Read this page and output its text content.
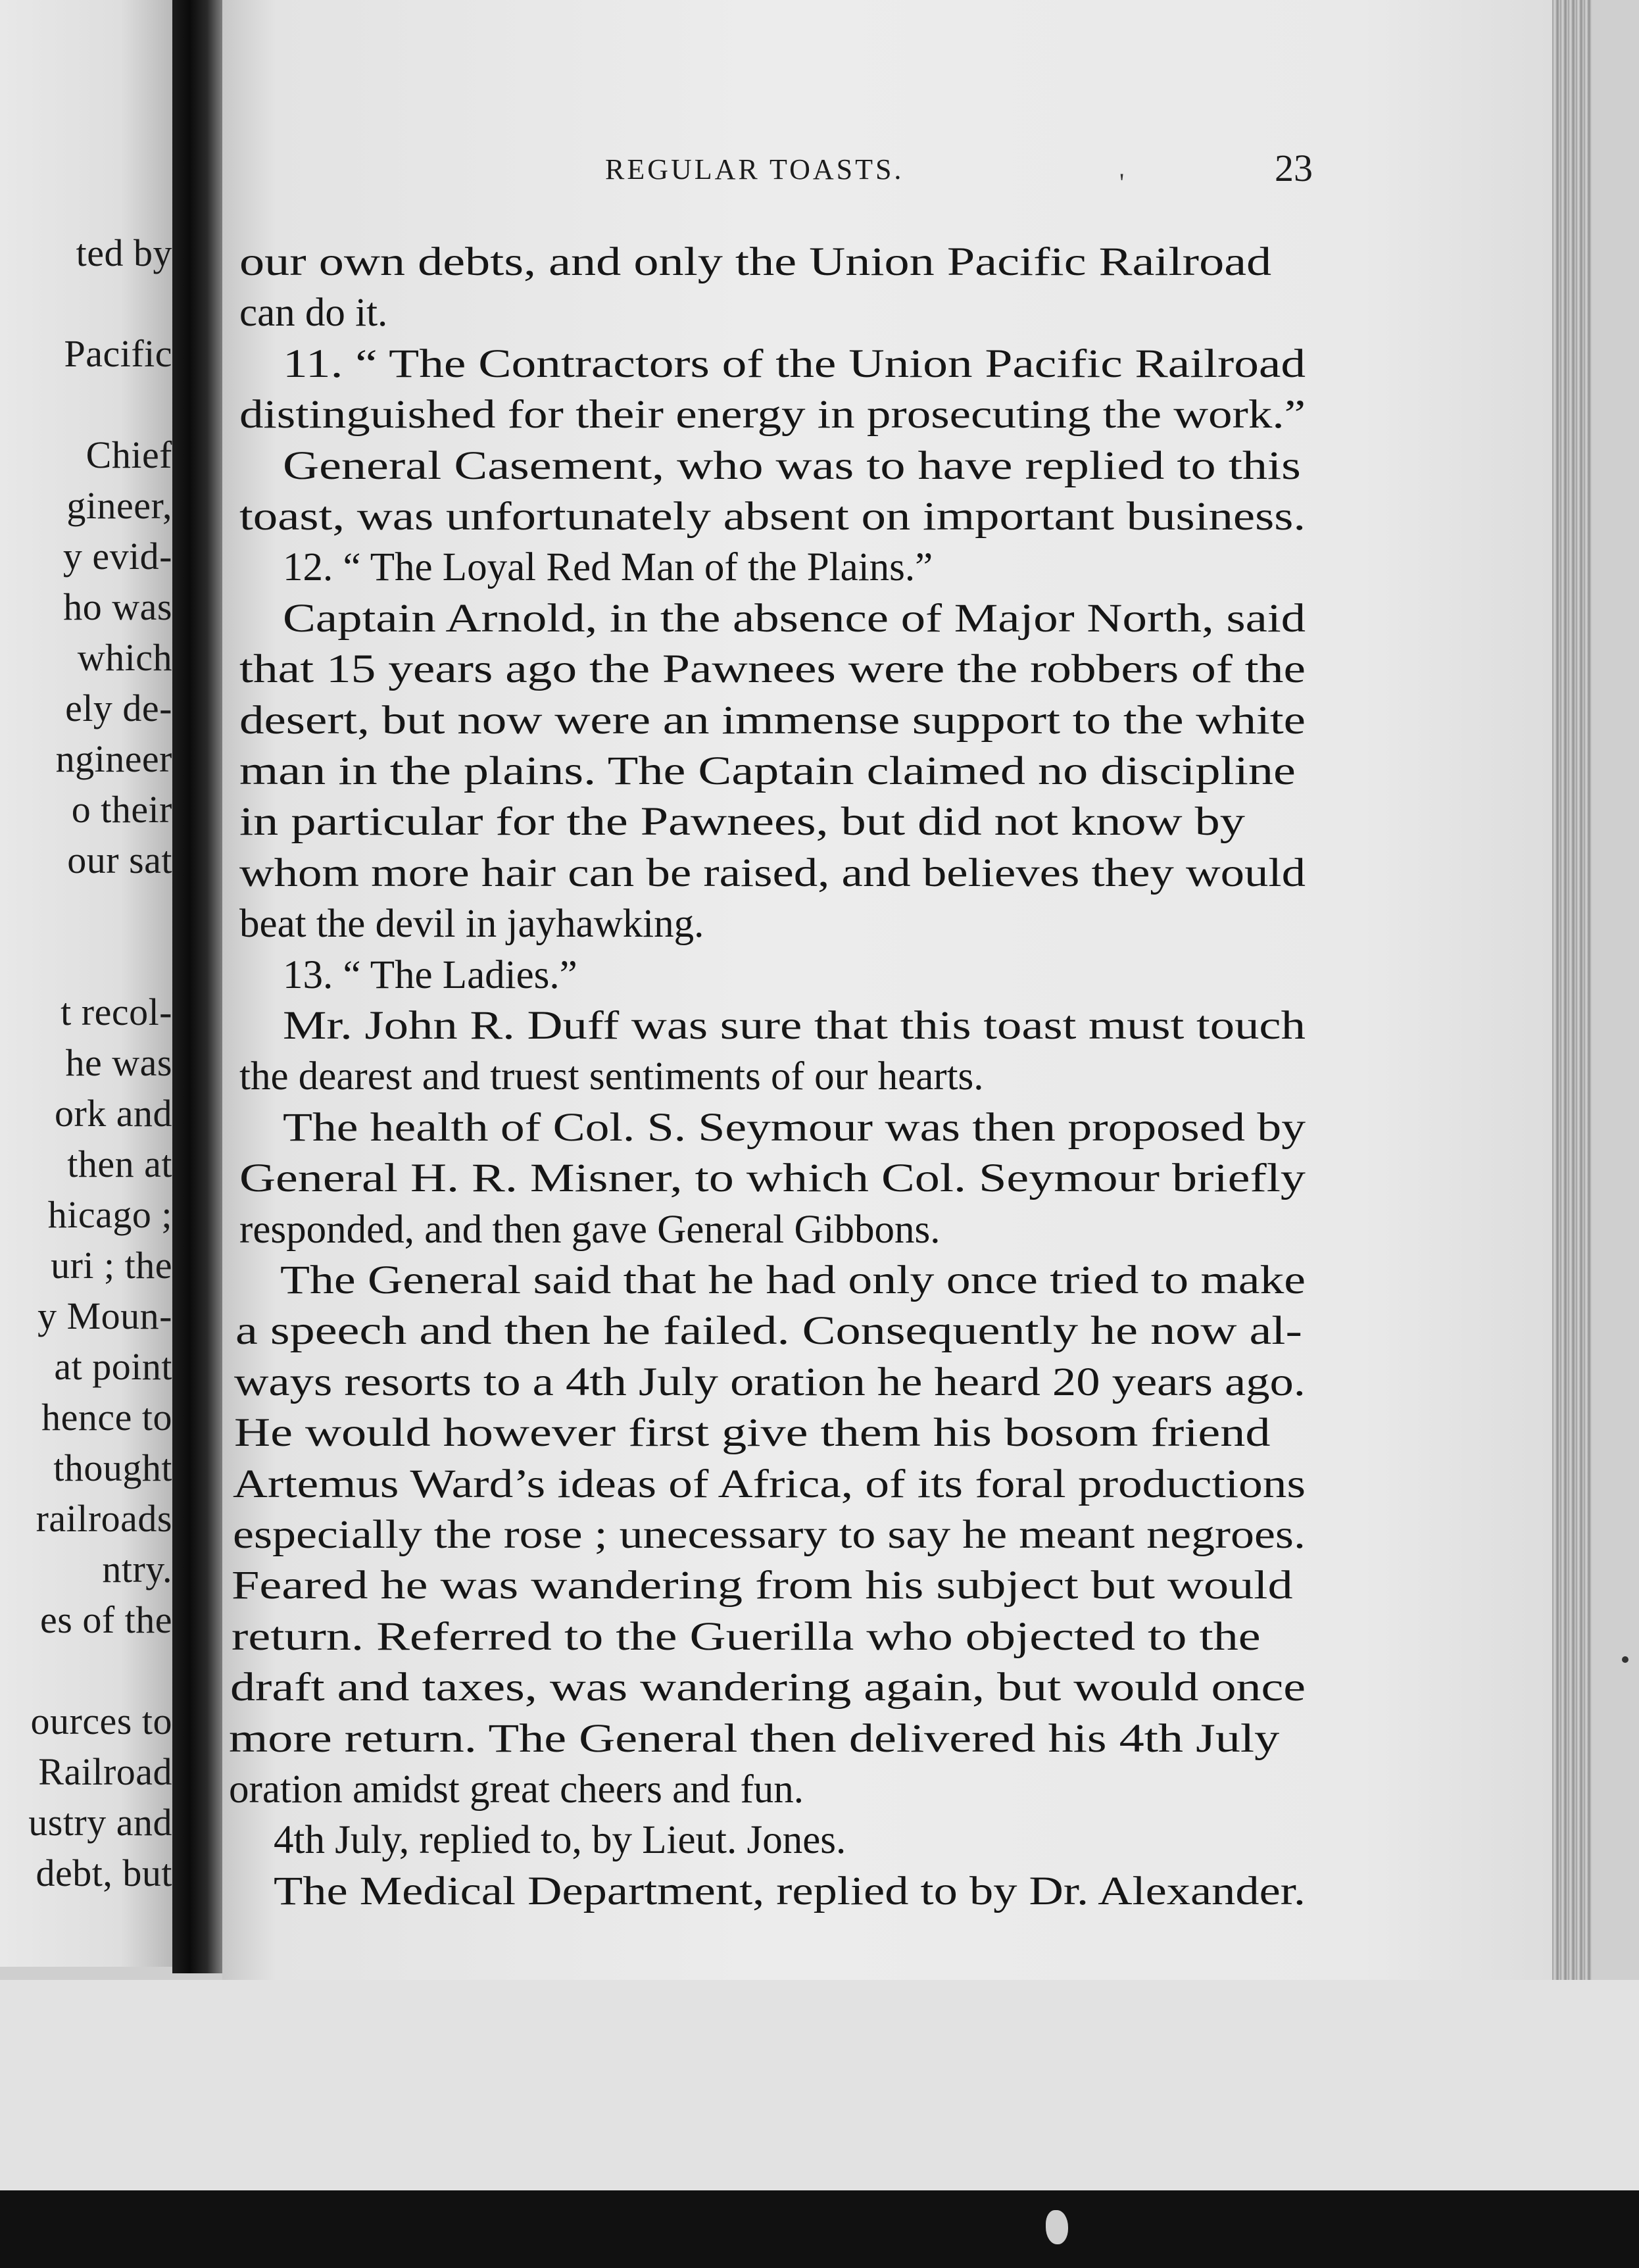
ted by
Pacific
Chief
gineer,
y evid-
ho was
which
ely de-
ngineer
o their
our sat
t recol-
he was
ork and
then at
hicago ;
uri ; the
y Moun-
at point
hence to
thought
railroads
ntry.
es of the
ources to
Railroad
ustry and
debt, but
REGULAR TOASTS.	'	23
our own debts, and only the Union Pacific Railroad
can do it.
11. “ The Contractors of the Union Pacific Railroad
distinguished for their energy in prosecuting the work.”
General Casement, who was to have replied to this
toast, was unfortunately absent on important business.
12. “ The Loyal Red Man of the Plains.”
Captain Arnold, in the absence of Major North, said
that 15 years ago the Pawnees were the robbers of the
desert, but now were an immense support to the white
man in the plains. The Captain claimed no discipline
in particular for the Pawnees, but did not know by
whom more hair can be raised, and believes they would
beat the devil in jayhawking.
13. “ The Ladies.”
Mr. John R. Duff was sure that this toast must touch
the dearest and truest sentiments of our hearts.
The health of Col. S. Seymour was then proposed by
General H. R. Misner, to which Col. Seymour briefly
responded, and then gave General Gibbons.
The General said that he had only once tried to make
a speech and then he failed. Consequently he now al-
ways resorts to a 4th July oration he heard 20 years ago.
He would however first give them his bosom friend
Artemus Ward’s ideas of Africa, of its foral productions
especially the rose ; unecessary to say he meant negroes.
Feared he was wandering from his subject but would
return. Referred to the Guerilla who objected to the
draft and taxes, was wandering again, but would once
more return. The General then delivered his 4th July
oration amidst great cheers and fun.
4th July, replied to, by Lieut. Jones.
The Medical Department, replied to by Dr. Alexander.
